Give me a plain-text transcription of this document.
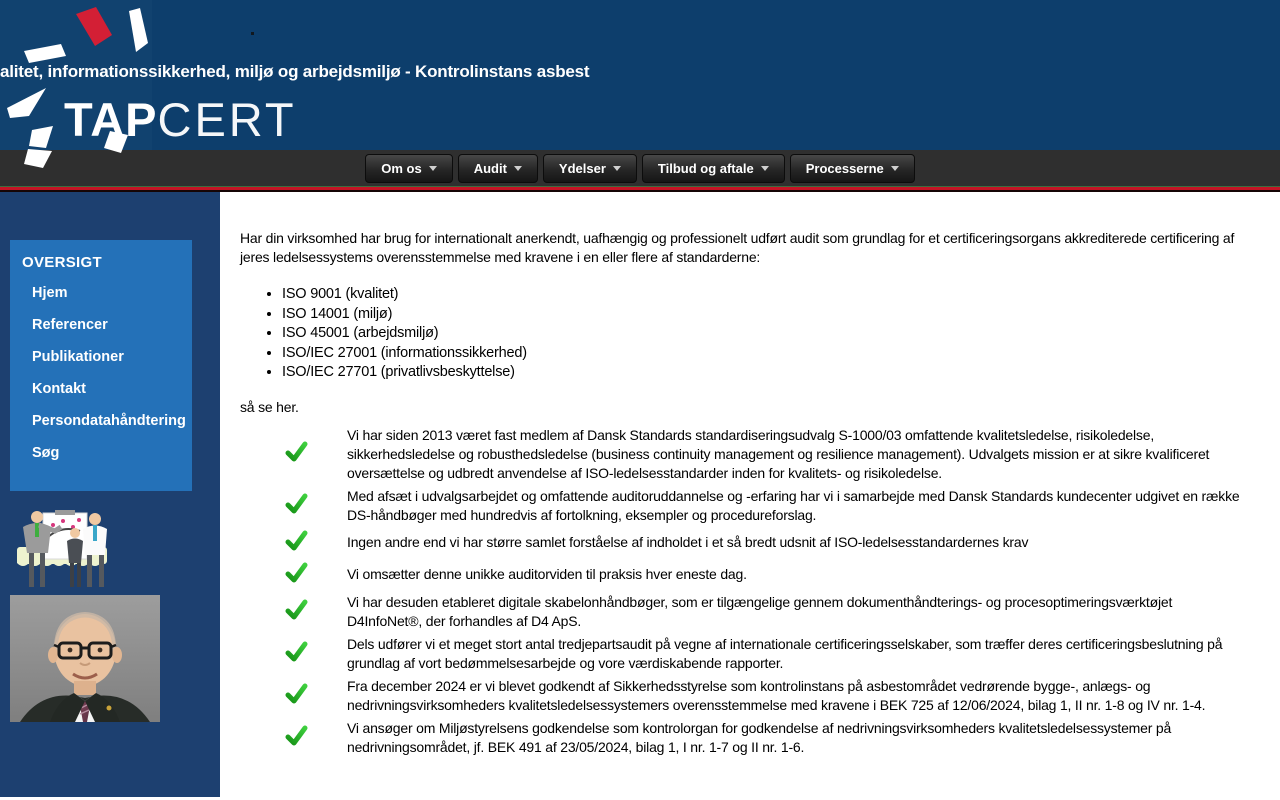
alitet, informationssikkerhed, miljø og arbejdsmiljø - Kontrolinstans asbest
TAPCERT
Om os	Audit	Ydelser	Tilbud og aftale	Processerne
OVERSIGT
Hjem
Referencer
Publikationer
Kontakt
Persondatahåndtering
Søg

Har din virksomhed har brug for internationalt anerkendt, uafhængig og professionelt udført audit som grundlag for et certificeringsorgans akkrediterede certificering af jeres ledelsessystems overensstemmelse med kravene i en eller flere af standarderne:

• ISO 9001 (kvalitet)
• ISO 14001 (miljø)
• ISO 45001 (arbejdsmiljø)
• ISO/IEC 27001 (informationssikkerhed)
• ISO/IEC 27701 (privatlivsbeskyttelse)

så se her.

Vi har siden 2013 været fast medlem af Dansk Standards standardiseringsudvalg S-1000/03 omfattende kvalitetsledelse, risikoledelse, sikkerhedsledelse og robusthedsledelse (business continuity management og resilience management). Udvalgets mission er at sikre kvalificeret oversættelse og udbredt anvendelse af ISO-ledelsesstandarder inden for kvalitets- og risikoledelse.
Med afsæt i udvalgsarbejdet og omfattende auditoruddannelse og -erfaring har vi i samarbejde med Dansk Standards kundecenter udgivet en række DS-håndbøger med hundredvis af fortolkning, eksempler og procedureforslag.
Ingen andre end vi har større samlet forståelse af indholdet i et så bredt udsnit af ISO-ledelsesstandardernes krav
Vi omsætter denne unikke auditorviden til praksis hver eneste dag.
Vi har desuden etableret digitale skabelonhåndbøger, som er tilgængelige gennem dokumenthåndterings- og procesoptimeringsværktøjet D4InfoNet®, der forhandles af D4 ApS.
Dels udfører vi et meget stort antal tredjepartsaudit på vegne af internationale certificeringsselskaber, som træffer deres certificeringsbeslutning på grundlag af vort bedømmelsesarbejde og vore værdiskabende rapporter.
Fra december 2024 er vi blevet godkendt af Sikkerhedsstyrelse som kontrolinstans på asbestområdet vedrørende bygge-, anlægs- og nedrivningsvirksomheders kvalitetsledelsessystemers overensstemmelse med kravene i BEK 725 af 12/06/2024, bilag 1, II nr. 1-8 og IV nr. 1-4.
Vi ansøger om Miljøstyrelsens godkendelse som kontrolorgan for godkendelse af nedrivningsvirksomheders kvalitetsledelsessystemer på nedrivningsområdet, jf. BEK 491 af 23/05/2024, bilag 1, I nr. 1-7 og II nr. 1-6.
